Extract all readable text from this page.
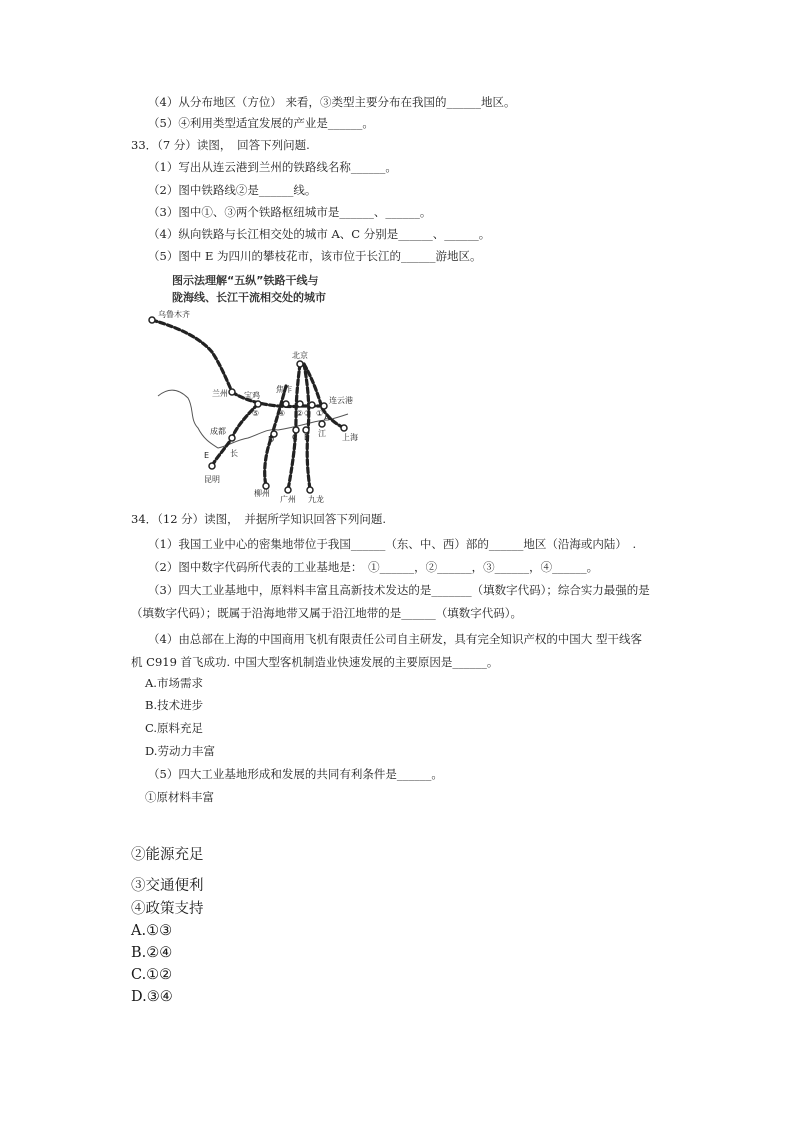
（4）从分布地区（方位） 来看，③类型主要分布在我国的______地区。
（5）④利用类型适宜发展的产业是______。
33．（7 分）读图，　回答下列问题.
（1）写出从连云港到兰州的铁路线名称______。
（2）图中铁路线②是______线。
（3）图中①、③两个铁路枢纽城市是______、______。
（4）纵向铁路与长江相交处的城市 A、C 分别是______、______。
（5）图中 E 为四川的攀枝花市，该市位于长江的______游地区。
图示法理解“五纵”铁路干线与
陇海线、长江干流相交处的城市
乌鲁木齐
北京
焦作
兰州 宝鸡
连云港
成都
上海
昆明
柳州
广州 九龙
江
长
E
A
B
C
D
①
② ③
④
⑤
34．（12 分）读图，　并据所学知识回答下列问题.
（1）我国工业中心的密集地带位于我国______（东、中、西）部的______地区（沿海或内陆）　.
（2）图中数字代码所代表的工业基地是：　①______，②______，③______，④______。
（3）四大工业基地中，原料料丰富且高新技术发达的是_______（填数字代码）；综合实力最强的是
（填数字代码）；既属于沿海地带又属于沿江地带的是______（填数字代码）。
（4）由总部在上海的中国商用飞机有限责任公司自主研发，具有完全知识产权的中国大 型干线客
机 C919 首飞成功. 中国大型客机制造业快速发展的主要原因是______。
A.市场需求
B.技术进步
C.原料充足
D.劳动力丰富
（5）四大工业基地形成和发展的共同有利条件是______。
①原材料丰富
②能源充足
③交通便利
④政策支持
A.①③
B.②④
C.①②
D.③④
